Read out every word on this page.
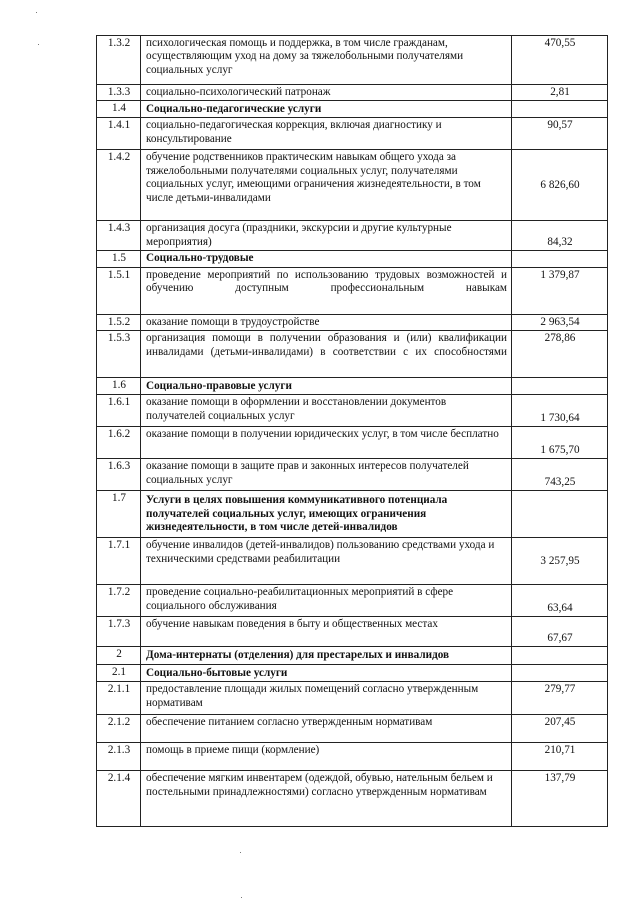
1.3.2	психологическая помощь и поддержка, в том числе гражданам, осуществляющим уход на дому за тяжелобольными получателями социальных услуг	470,55
1.3.3	социально-психологический патронаж	2,81
1.4	Социально-педагогические услуги	
1.4.1	социально-педагогическая коррекция, включая диагностику и консультирование	90,57
1.4.2	обучение родственников практическим навыкам общего ухода за тяжелобольными получателями социальных услуг, получателями социальных услуг, имеющими ограничения жизнедеятельности, в том числе детьми-инвалидами	6 826,60
1.4.3	организация досуга (праздники, экскурсии и другие культурные мероприятия)	84,32
1.5	Социально-трудовые	
1.5.1	проведение мероприятий по использованию трудовых возможностей и обучению доступным профессиональным навыкам	1 379,87
1.5.2	оказание помощи в трудоустройстве	2 963,54
1.5.3	организация помощи в получении образования и (или) квалификации инвалидами (детьми-инвалидами) в соответствии с их способностями	278,86
1.6	Социально-правовые услуги	
1.6.1	оказание помощи в оформлении и восстановлении документов получателей социальных услуг	1 730,64
1.6.2	оказание помощи в получении юридических услуг, в том числе бесплатно	1 675,70
1.6.3	оказание помощи в защите прав и законных интересов получателей социальных услуг	743,25
1.7	Услуги в целях повышения коммуникативного потенциала получателей социальных услуг, имеющих ограничения жизнедеятельности, в том числе детей-инвалидов	
1.7.1	обучение инвалидов (детей-инвалидов) пользованию средствами ухода и техническими средствами реабилитации	3 257,95
1.7.2	проведение социально-реабилитационных мероприятий в сфере социального обслуживания	63,64
1.7.3	обучение навыкам поведения в быту и общественных местах	67,67
2	Дома-интернаты (отделения) для престарелых и инвалидов	
2.1	Социально-бытовые услуги	
2.1.1	предоставление площади жилых помещений согласно утвержденным нормативам	279,77
2.1.2	обеспечение питанием согласно утвержденным нормативам	207,45
2.1.3	помощь в приеме пищи (кормление)	210,71
2.1.4	обеспечение мягким инвентарем (одеждой, обувью, нательным бельем и постельными принадлежностями) согласно утвержденным нормативам	137,79
